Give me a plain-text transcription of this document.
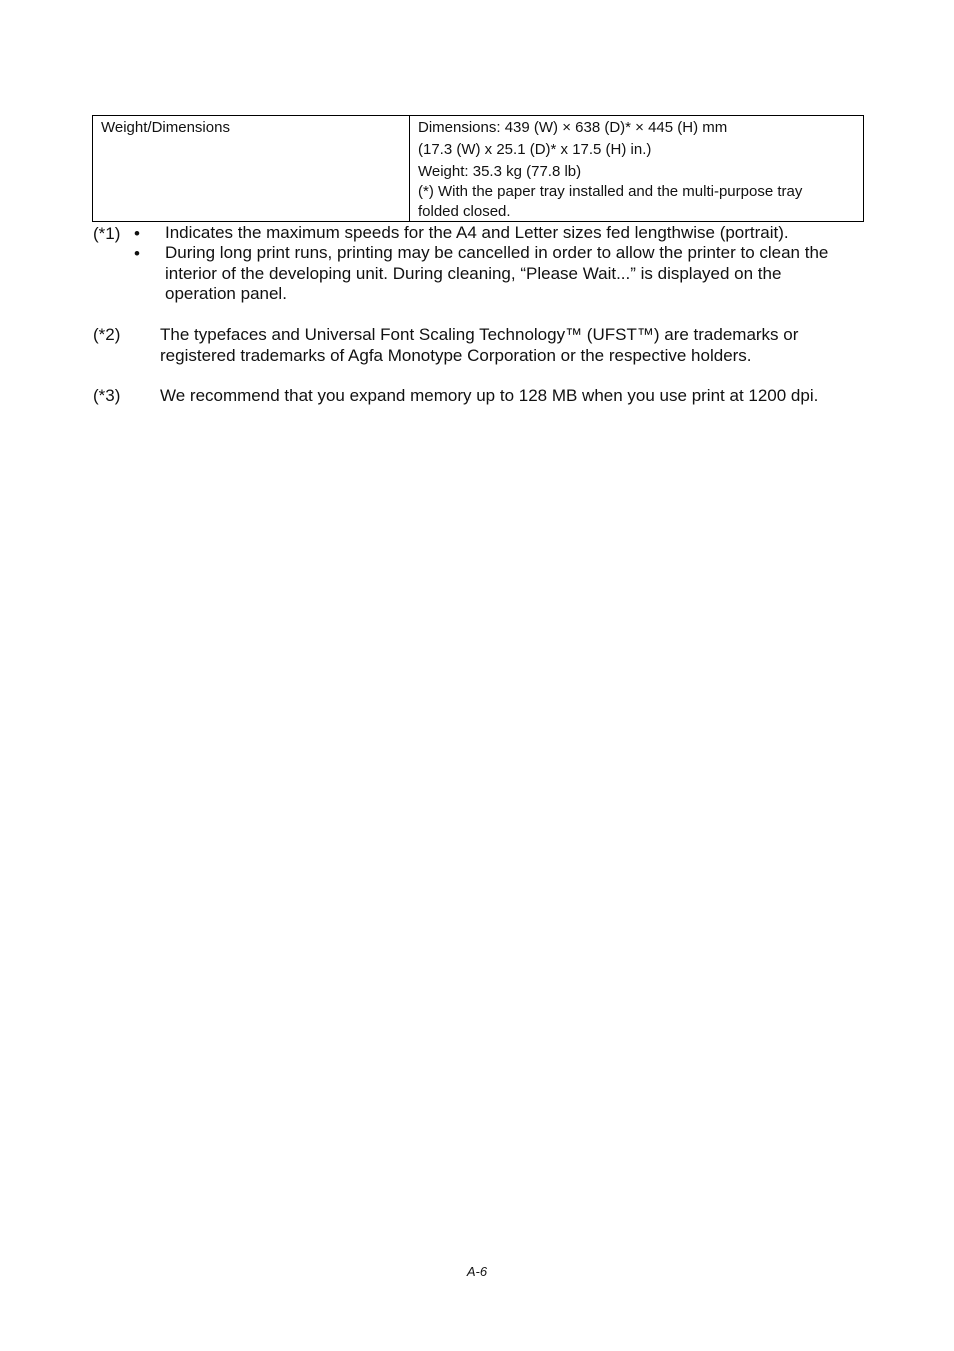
Weight/Dimensions	Dimensions: 439 (W) × 638 (D)* × 445 (H) mm
(17.3 (W) x 25.1 (D)* x 17.5 (H) in.)
Weight: 35.3 kg (77.8 lb)
(*) With the paper tray installed and the multi-purpose tray
folded closed.
(*1) • Indicates the maximum speeds for the A4 and Letter sizes fed lengthwise (portrait).
• During long print runs, printing may be cancelled in order to allow the printer to clean the
interior of the developing unit. During cleaning, “Please Wait...” is displayed on the
operation panel.
(*2) The typefaces and Universal Font Scaling Technology™ (UFST™) are trademarks or
registered trademarks of Agfa Monotype Corporation or the respective holders.
(*3) We recommend that you expand memory up to 128 MB when you use print at 1200 dpi.
A-6
